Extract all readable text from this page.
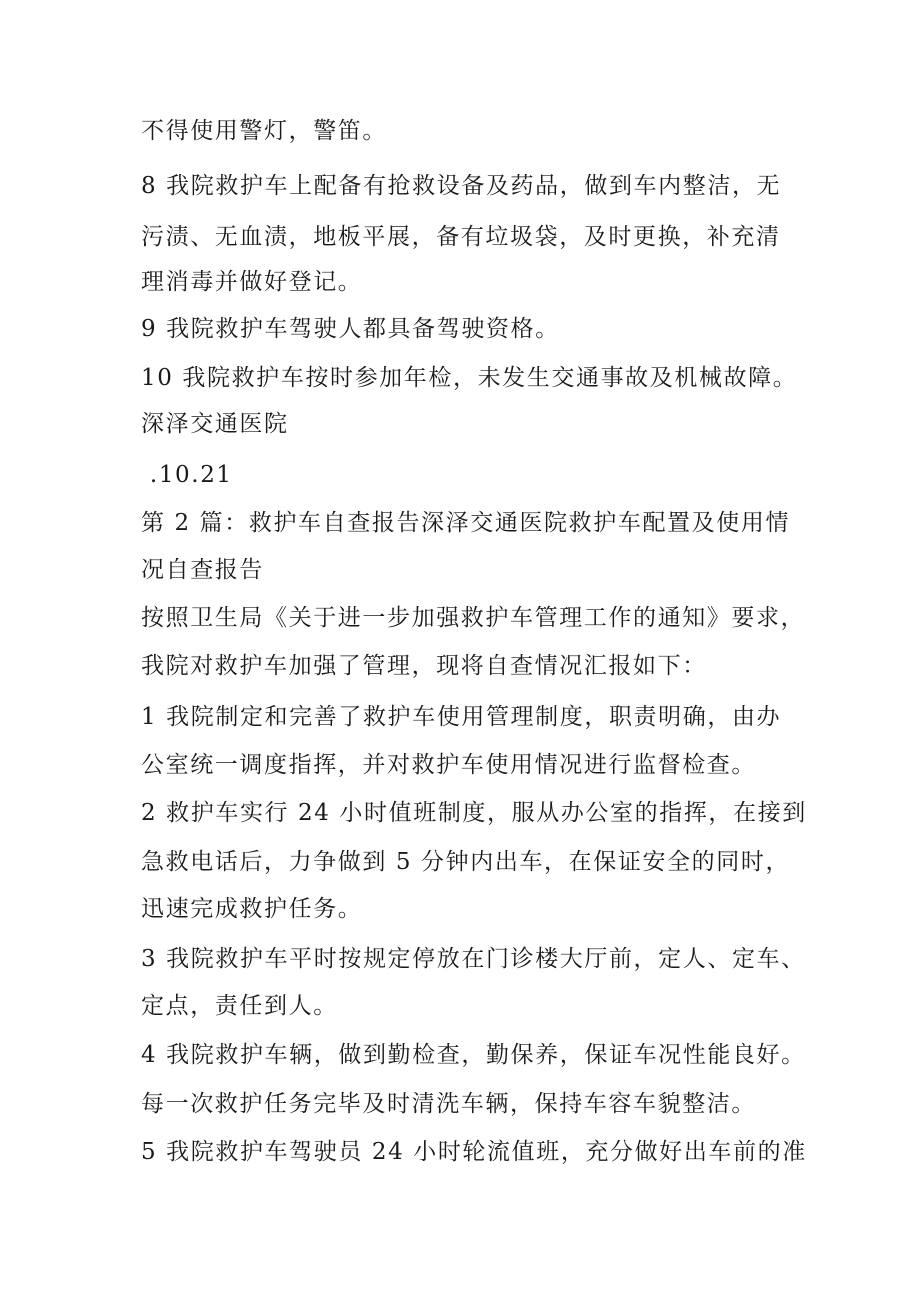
不得使用警灯，警笛。
8 我院救护车上配备有抢救设备及药品，做到车内整洁，无
污渍、无血渍，地板平展，备有垃圾袋，及时更换，补充清
理消毒并做好登记。
9 我院救护车驾驶人都具备驾驶资格。
10 我院救护车按时参加年检，未发生交通事故及机械故障。
深泽交通医院
.10.21
第 2 篇：救护车自查报告深泽交通医院救护车配置及使用情
况自查报告
按照卫生局《关于进一步加强救护车管理工作的通知》要求，
我院对救护车加强了管理，现将自查情况汇报如下：
1 我院制定和完善了救护车使用管理制度，职责明确，由办
公室统一调度指挥，并对救护车使用情况进行监督检查。
2 救护车实行 24 小时值班制度，服从办公室的指挥，在接到
急救电话后，力争做到 5 分钟内出车，在保证安全的同时，
迅速完成救护任务。
3 我院救护车平时按规定停放在门诊楼大厅前，定人、定车、
定点，责任到人。
4 我院救护车辆，做到勤检查，勤保养，保证车况性能良好。
每一次救护任务完毕及时清洗车辆，保持车容车貌整洁。
5 我院救护车驾驶员 24 小时轮流值班，充分做好出车前的准
